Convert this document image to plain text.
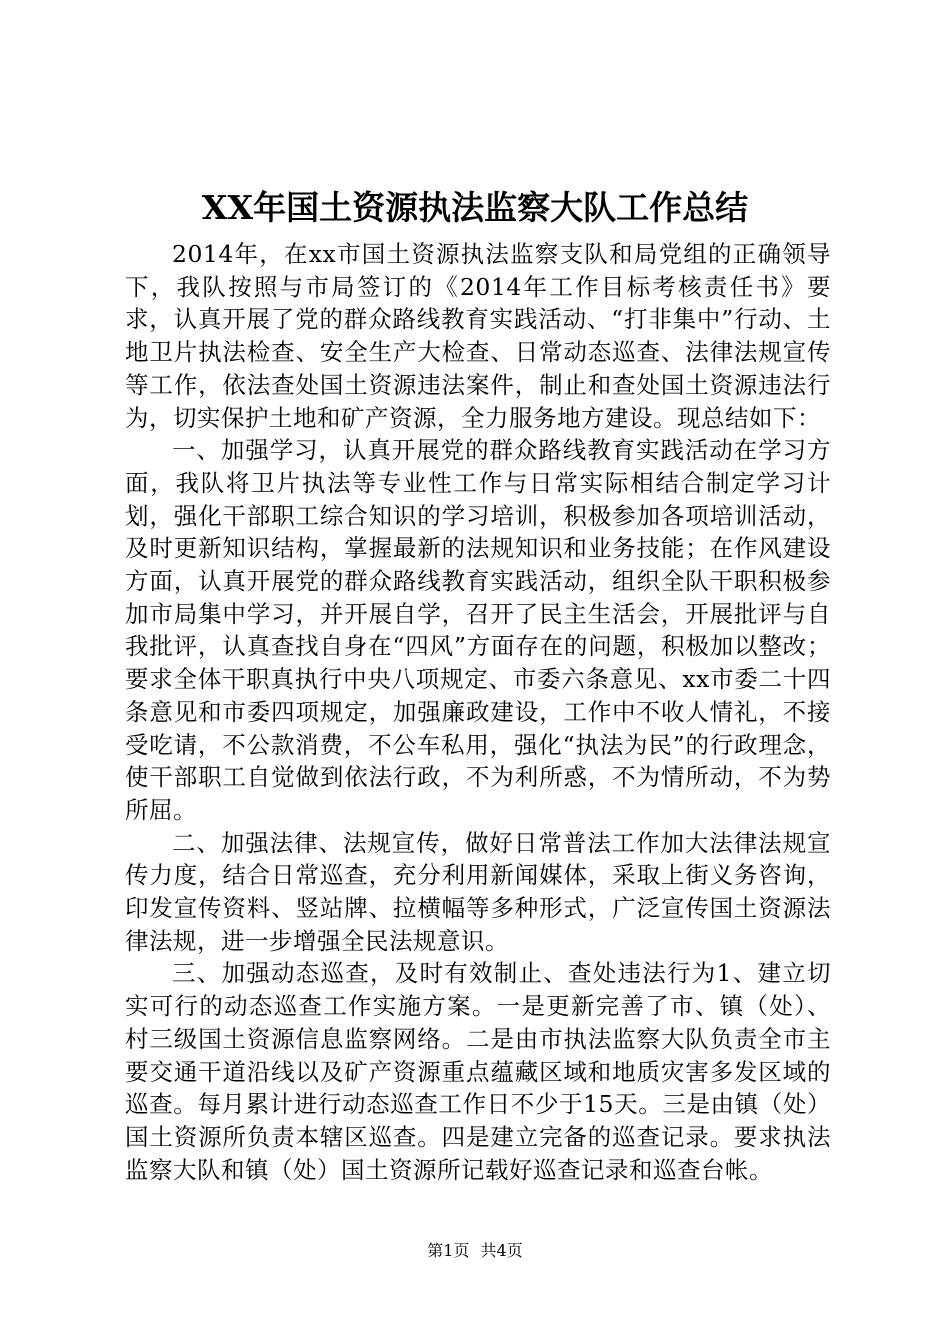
XX年国土资源执法监察大队工作总结

2014年，在xx市国土资源执法监察支队和局党组的正确领导下，我队按照与市局签订的《2014年工作目标考核责任书》要求，认真开展了党的群众路线教育实践活动、“打非集中”行动、土地卫片执法检查、安全生产大检查、日常动态巡查、法律法规宣传等工作，依法查处国土资源违法案件，制止和查处国土资源违法行为，切实保护土地和矿产资源，全力服务地方建设。现总结如下：

一、加强学习，认真开展党的群众路线教育实践活动在学习方面，我队将卫片执法等专业性工作与日常实际相结合制定学习计划，强化干部职工综合知识的学习培训，积极参加各项培训活动，及时更新知识结构，掌握最新的法规知识和业务技能；在作风建设方面，认真开展党的群众路线教育实践活动，组织全队干职积极参加市局集中学习，并开展自学，召开了民主生活会，开展批评与自我批评，认真查找自身在“四风”方面存在的问题，积极加以整改；要求全体干职真执行中央八项规定、市委六条意见、xx市委二十四条意见和市委四项规定，加强廉政建设，工作中不收人情礼，不接受吃请，不公款消费，不公车私用，强化“执法为民”的行政理念，使干部职工自觉做到依法行政，不为利所惑，不为情所动，不为势所屈。

二、加强法律、法规宣传，做好日常普法工作加大法律法规宣传力度，结合日常巡查，充分利用新闻媒体，采取上街义务咨询，印发宣传资料、竖站牌、拉横幅等多种形式，广泛宣传国土资源法律法规，进一步增强全民法规意识。

三、加强动态巡查，及时有效制止、查处违法行为1、建立切实可行的动态巡查工作实施方案。一是更新完善了市、镇（处）、村三级国土资源信息监察网络。二是由市执法监察大队负责全市主要交通干道沿线以及矿产资源重点蕴藏区域和地质灾害多发区域的巡查。每月累计进行动态巡查工作日不少于15天。三是由镇（处）国土资源所负责本辖区巡查。四是建立完备的巡查记录。要求执法监察大队和镇（处）国土资源所记载好巡查记录和巡查台帐。

第1页 共4页
